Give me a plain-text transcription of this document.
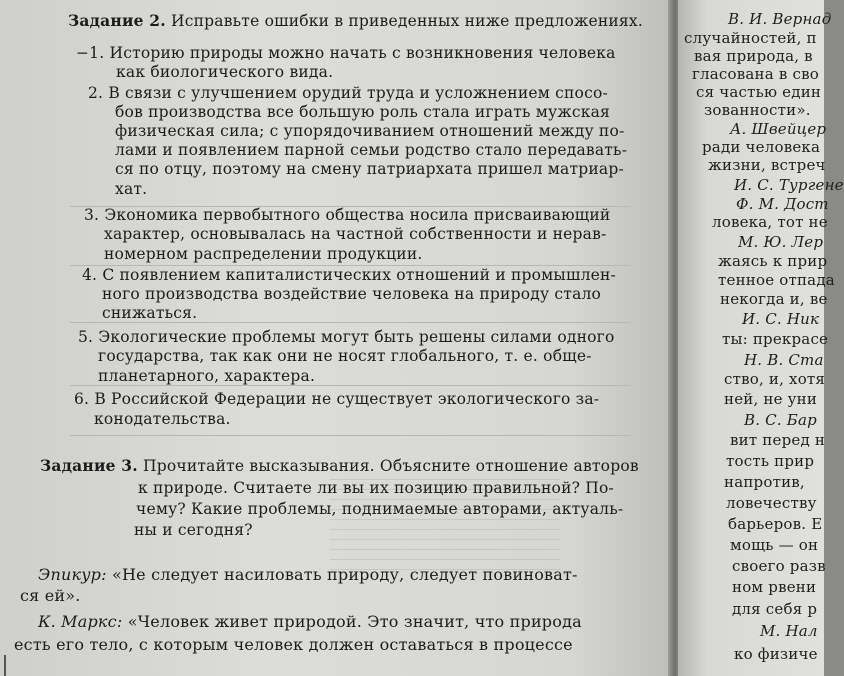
Задание 2. Исправьте ошибки в приведенных ниже предложениях.
−1. Историю природы можно начать с возникновения человека
как биологического вида.
2. В связи с улучшением орудий труда и усложнением спосо-
бов производства все большую роль стала играть мужская
физическая сила; с упорядочиванием отношений между по-
лами и появлением парной семьи родство стало передавать-
ся по отцу, поэтому на смену патриархата пришел матриар-
хат.
3. Экономика первобытного общества носила присваивающий
характер, основывалась на частной собственности и нерав-
номерном распределении продукции.
4. С появлением капиталистических отношений и промышлен-
ного производства воздействие человека на природу стало
снижаться.
5. Экологические проблемы могут быть решены силами одного
государства, так как они не носят глобального, т. е. обще-
планетарного, характера.
6. В Российской Федерации не существует экологического за-
конодательства.
Задание 3. Прочитайте высказывания. Объясните отношение авторов
к природе. Считаете ли вы их позицию правильной? По-
чему? Какие проблемы, поднимаемые авторами, актуаль-
ны и сегодня?
Эпикур: «Не следует насиловать природу, следует повиноват-
ся ей».
К. Маркс: «Человек живет природой. Это значит, что природа
есть его тело, с которым человек должен оставаться в процессе
В. И. Вернад
случайностей, п
вая природа, в
гласована в сво
ся частью един
зованности».
А. Швейцер
ради человека
жизни, встреч
И. С. Тургене
Ф. М. Дост
ловека, тот не
М. Ю. Лер
жаясь к прир
тенное отпада
некогда и, ве
И. С. Ник
ты: прекрасе
Н. В. Ста
ство, и, хотя
ней, не уни
В. С. Бар
вит перед н
тость прир
напротив,
ловечеству
барьеров. Е
мощь — он
своего разв
ном рвени
для себя р
М. Нал
ко физиче
